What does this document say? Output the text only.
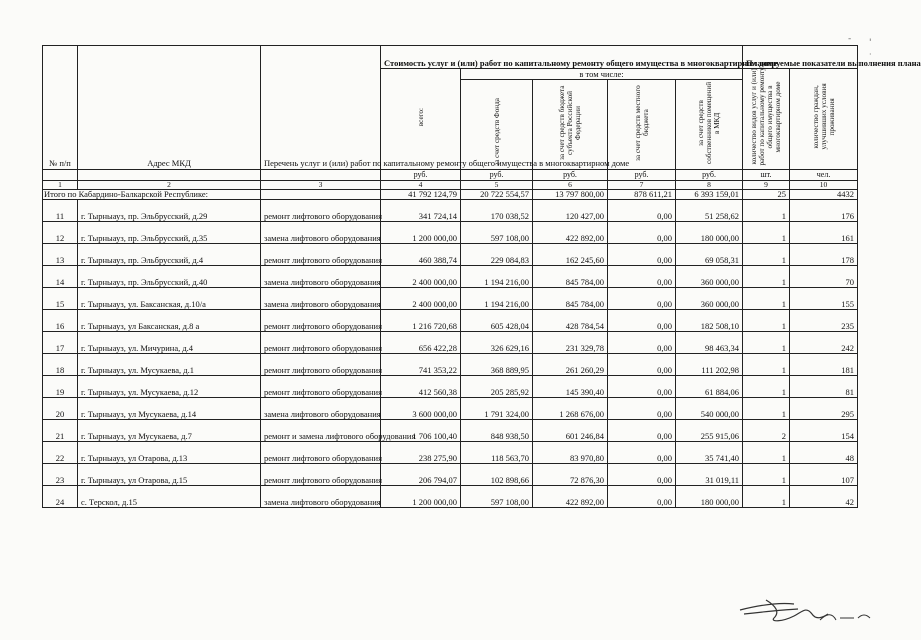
№ п/п	Адрес МКД	Перечень услуг и (или) работ по капитальному ремонту общего имущества в многоквартирном доме	Стоимость услуг и (или) работ по капитальному ремонту общего имущества в многоквартирном доме					Планируемые показатели выполнения плана	
			всего:	в том числе:				количество видов услуг и (или) работ по капитальному ремонту общего имущества в многоквартирном доме	количество граждан, улучшивших условия проживания
				за счет средств Фонда	за счет средств бюджета субъекта Российской Федерации	за счет средств местного бюджета	за счет средств собственников помещений в МКД		
			руб.	руб.	руб.	руб.	руб.	шт.	чел.
1	2	3	4	5	6	7	8	9	10
Итого по Кабардино-Балкарской Республике:			41 792 124,79	20 722 554,57	13 797 800,00	878 611,21	6 393 159,01	25	4432
11	г. Тырныауз, пр. Эльбрусский, д.29	ремонт лифтового оборудования	341 724,14	170 038,52	120 427,00	0,00	51 258,62	1	176
12	г. Тырныауз, пр. Эльбрусский, д.35	замена лифтового оборудования	1 200 000,00	597 108,00	422 892,00	0,00	180 000,00	1	161
13	г. Тырныауз, пр. Эльбрусский, д.4	ремонт лифтового оборудования	460 388,74	229 084,83	162 245,60	0,00	69 058,31	1	178
14	г. Тырныауз, пр. Эльбрусский, д.40	замена лифтового оборудования	2 400 000,00	1 194 216,00	845 784,00	0,00	360 000,00	1	70
15	г. Тырныауз, ул. Баксанская, д.10/а	замена лифтового оборудования	2 400 000,00	1 194 216,00	845 784,00	0,00	360 000,00	1	155
16	г. Тырныауз, ул Баксанская, д.8 а	ремонт лифтового оборудования	1 216 720,68	605 428,04	428 784,54	0,00	182 508,10	1	235
17	г. Тырныауз, ул. Мичурина, д.4	ремонт лифтового оборудования	656 422,28	326 629,16	231 329,78	0,00	98 463,34	1	242
18	г. Тырныауз, ул. Мусукаева, д.1	ремонт лифтового оборудования	741 353,22	368 889,95	261 260,29	0,00	111 202,98	1	181
19	г. Тырныауз, ул. Мусукаева, д.12	ремонт лифтового оборудования	412 560,38	205 285,92	145 390,40	0,00	61 884,06	1	81
20	г. Тырныауз, ул Мусукаева, д.14	замена лифтового оборудования	3 600 000,00	1 791 324,00	1 268 676,00	0,00	540 000,00	1	295
21	г. Тырныауз, ул Мусукаева, д.7	ремонт и замена лифтового оборудования	1 706 100,40	848 938,50	601 246,84	0,00	255 915,06	2	154
22	г. Тырныауз, ул Отарова, д.13	ремонт лифтового оборудования	238 275,90	118 563,70	83 970,80	0,00	35 741,40	1	48
23	г. Тырныауз, ул Отарова, д.15	ремонт лифтового оборудования	206 794,07	102 898,66	72 876,30	0,00	31 019,11	1	107
24	с. Терскол, д.15	замена лифтового оборудования	1 200 000,00	597 108,00	422 892,00	0,00	180 000,00	1	42
- '
·
